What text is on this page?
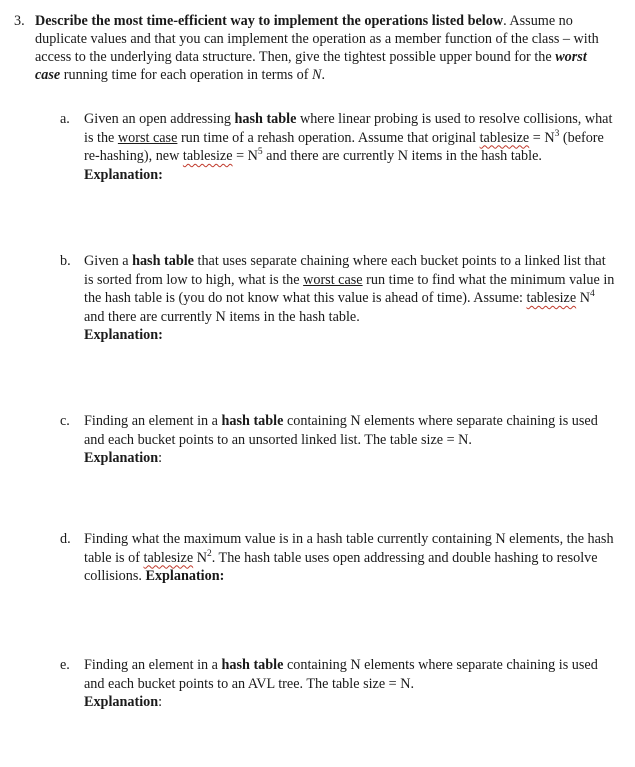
3. Describe the most time-efficient way to implement the operations listed below. Assume no duplicate values and that you can implement the operation as a member function of the class – with access to the underlying data structure. Then, give the tightest possible upper bound for the worst case running time for each operation in terms of N.
a. Given an open addressing hash table where linear probing is used to resolve collisions, what is the worst case run time of a rehash operation. Assume that original tablesize = $N^3$ (before re-hashing), new tablesize = $N^5$ and there are currently N items in the hash table. Explanation:
b. Given a hash table that uses separate chaining where each bucket points to a linked list that is sorted from low to high, what is the worst case run time to find what the minimum value in the hash table is (you do not know what this value is ahead of time). Assume: tablesize $N^4$ and there are currently N items in the hash table.
Explanation:
c. Finding an element in a hash table containing N elements where separate chaining is used and each bucket points to an unsorted linked list. The table size = N.
Explanation:
d. Finding what the maximum value is in a hash table currently containing N elements, the hash table is of tablesize $N^2$. The hash table uses open addressing and double hashing to resolve collisions. Explanation:
e. Finding an element in a hash table containing N elements where separate chaining is used and each bucket points to an AVL tree. The table size = N.
Explanation:
